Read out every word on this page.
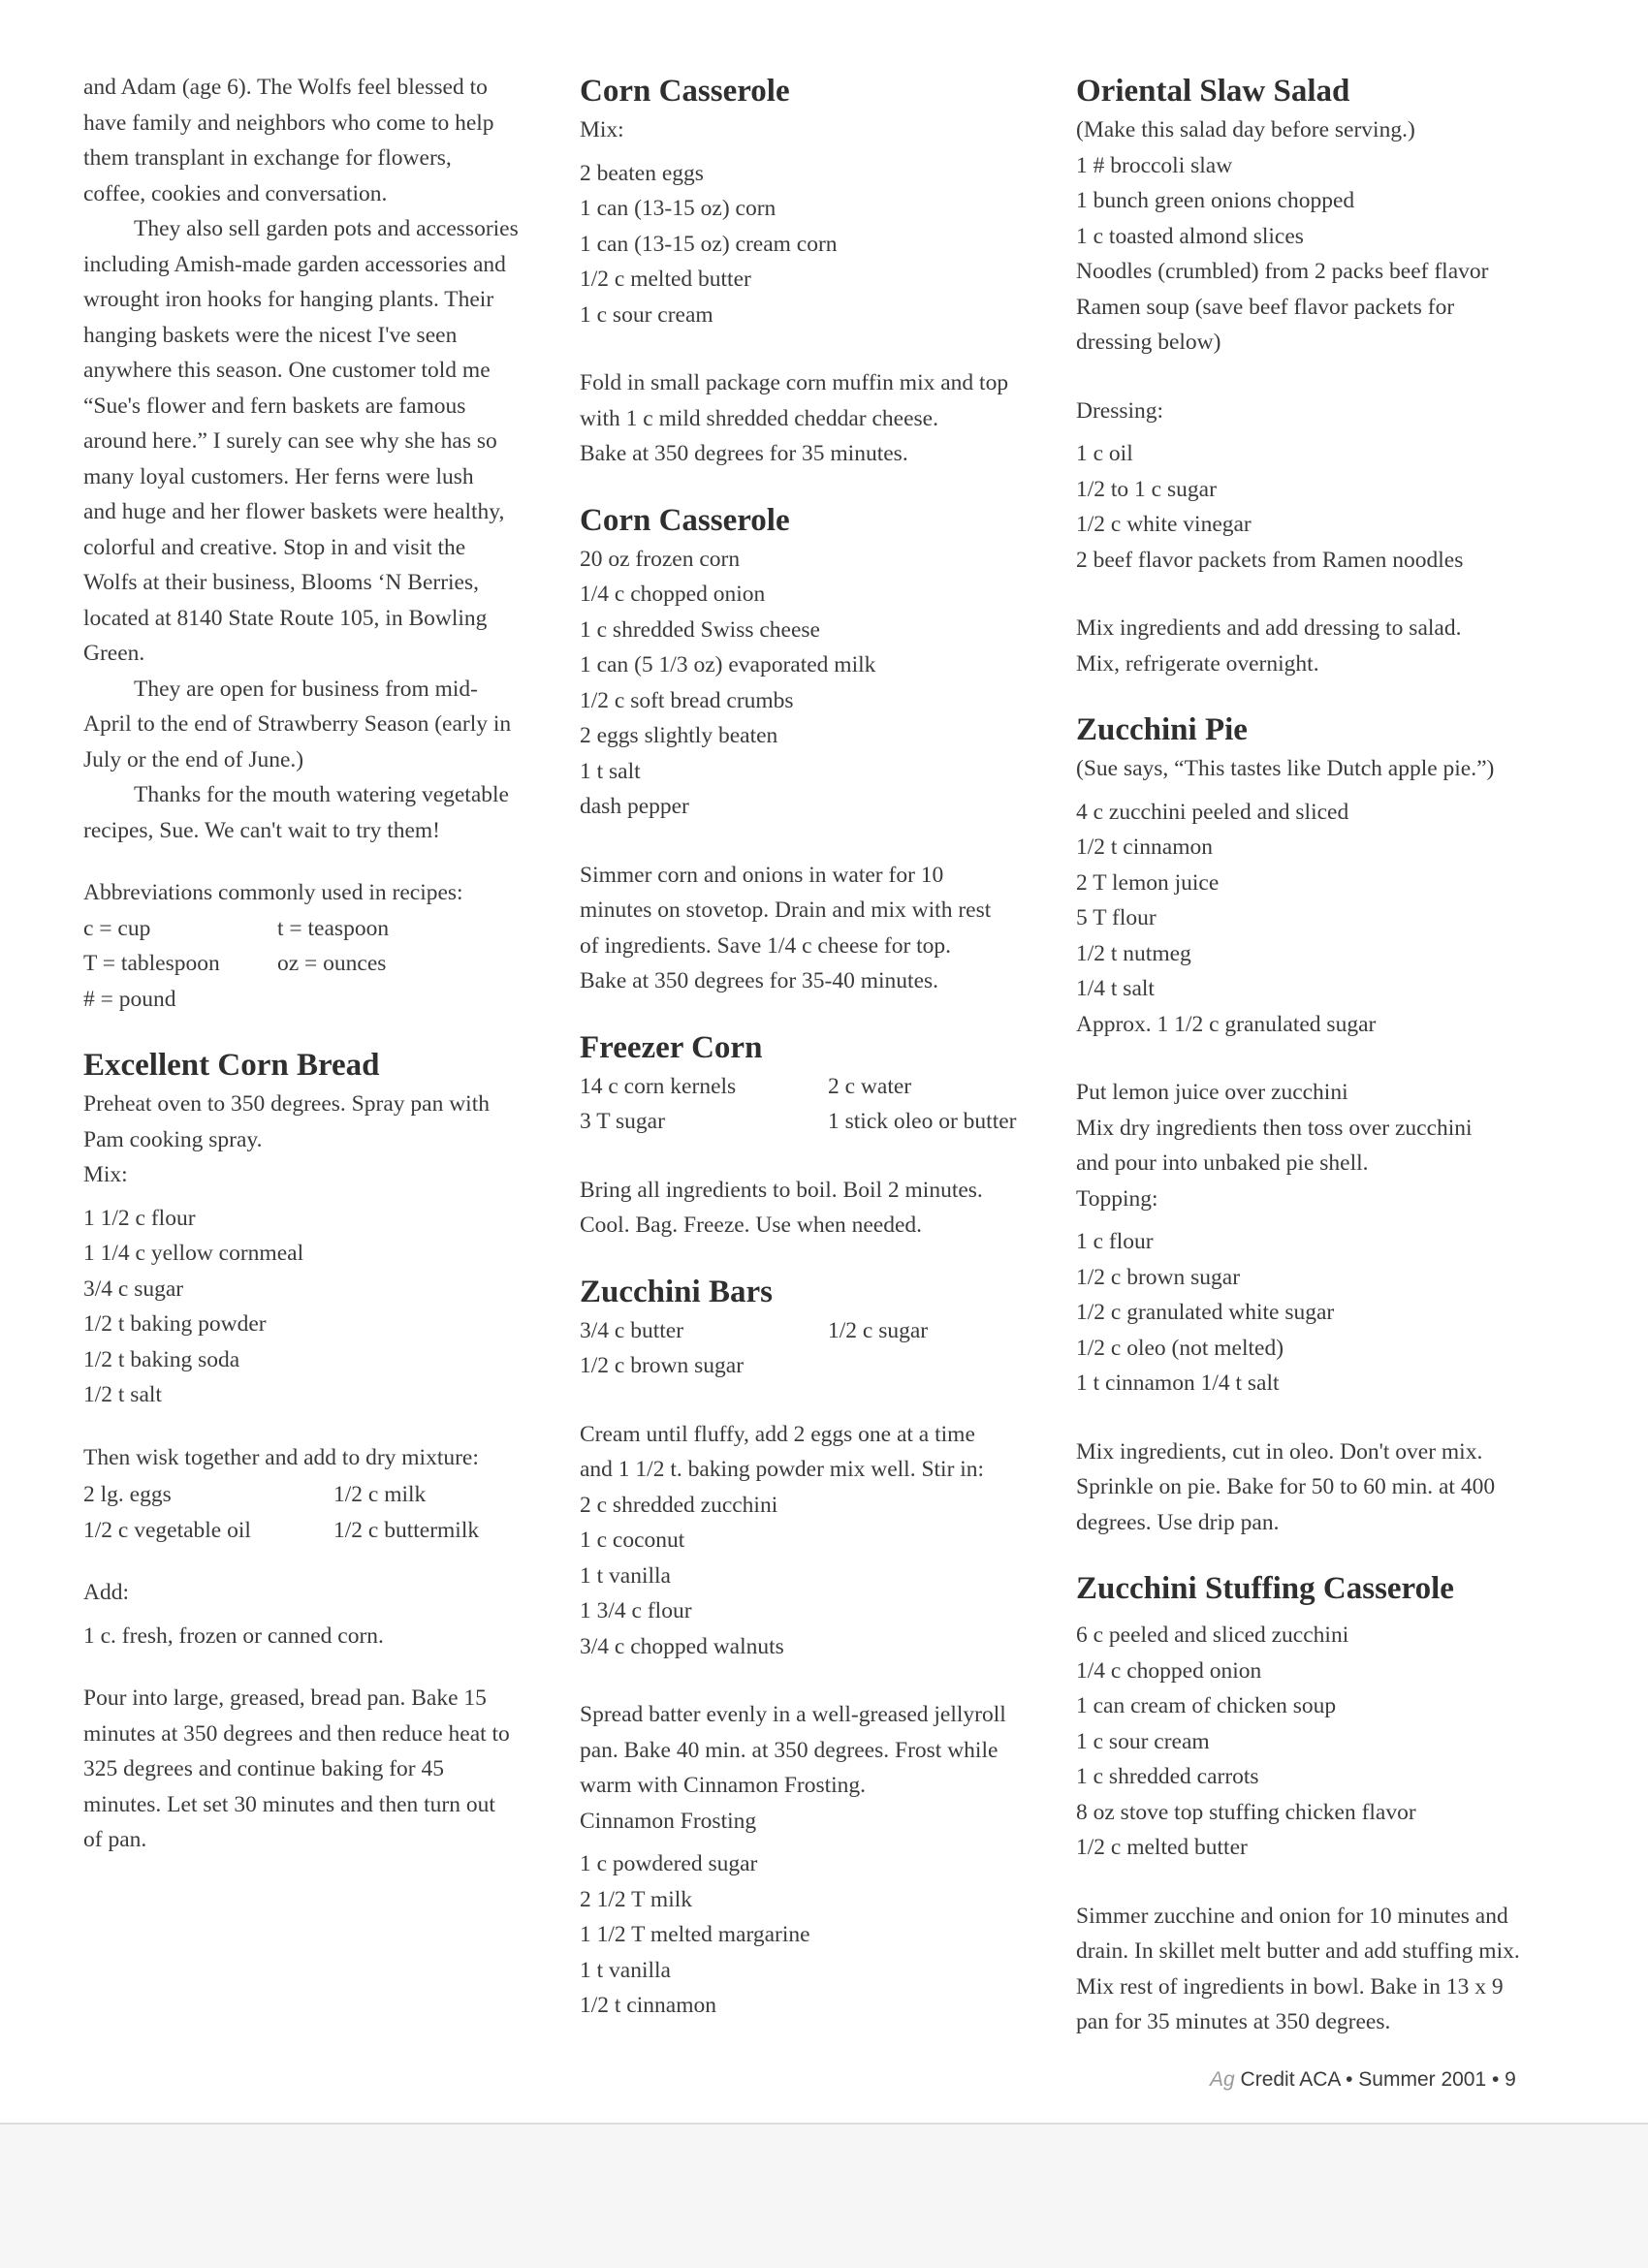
and Adam (age 6). The Wolfs feel blessed to

have family and neighbors who come to help

them transplant in exchange for flowers,

coffee, cookies and conversation.

They also sell garden pots and accessories

including Amish-made garden accessories and

wrought iron hooks for hanging plants. Their

hanging baskets were the nicest I've seen

anywhere this season. One customer told me

“Sue's flower and fern baskets are famous

around here.” I surely can see why she has so

many loyal customers. Her ferns were lush

and huge and her flower baskets were healthy,

colorful and creative. Stop in and visit the

Wolfs at their business, Blooms ‘N Berries,

located at 8140 State Route 105, in Bowling

Green.

They are open for business from mid-

April to the end of Strawberry Season (early in

July or the end of June.)

Thanks for the mouth watering vegetable

recipes, Sue. We can't wait to try them!

Abbreviations commonly used in recipes:

c = cup	t = teaspoon
T = tablespoon	oz = ounces
# = pound
Excellent Corn Bread

Preheat oven to 350 degrees. Spray pan with

Pam cooking spray.

Mix:

1 1/2 c flour

1 1/4 c yellow cornmeal

3/4 c sugar

1/2 t baking powder

1/2 t baking soda

1/2 t salt

Then wisk together and add to dry mixture:

2 lg. eggs	1/2 c milk
1/2 c vegetable oil	1/2 c buttermilk

Add:

1 c. fresh, frozen or canned corn.

Pour into large, greased, bread pan. Bake 15

minutes at 350 degrees and then reduce heat to

325 degrees and continue baking for 45

minutes. Let set 30 minutes and then turn out

of pan.

Corn Casserole

Mix:

2 beaten eggs

1 can (13-15 oz) corn

1 can (13-15 oz) cream corn

1/2 c melted butter

1 c sour cream

Fold in small package corn muffin mix and top

with 1 c mild shredded cheddar cheese.

Bake at 350 degrees for 35 minutes.

Corn Casserole

20 oz frozen corn

1/4 c chopped onion

1 c shredded Swiss cheese

1 can (5 1/3 oz) evaporated milk

1/2 c soft bread crumbs

2 eggs slightly beaten

1 t salt

dash pepper

Simmer corn and onions in water for 10

minutes on stovetop. Drain and mix with rest

of ingredients. Save 1/4 c cheese for top.

Bake at 350 degrees for 35-40 minutes.

Freezer Corn
14 c corn kernels	2 c water
3 T sugar	1 stick oleo or butter

Bring all ingredients to boil. Boil 2 minutes.

Cool. Bag. Freeze. Use when needed.

Zucchini Bars
3/4 c butter	1/2 c sugar
1/2 c brown sugar

Cream until fluffy, add 2 eggs one at a time

and 1 1/2 t. baking powder mix well. Stir in:

2 c shredded zucchini

1 c coconut

1 t vanilla

1 3/4 c flour

3/4 c chopped walnuts

Spread batter evenly in a well-greased jellyroll

pan. Bake 40 min. at 350 degrees. Frost while

warm with Cinnamon Frosting.

Cinnamon Frosting

1 c powdered sugar

2 1/2 T milk

1 1/2 T melted margarine

1 t vanilla

1/2 t cinnamon

Oriental Slaw Salad

(Make this salad day before serving.)

1 # broccoli slaw

1 bunch green onions chopped

1 c toasted almond slices

Noodles (crumbled) from 2 packs beef flavor

Ramen soup (save beef flavor packets for

dressing below)

Dressing:

1 c oil

1/2 to 1 c sugar

1/2 c white vinegar

2 beef flavor packets from Ramen noodles

Mix ingredients and add dressing to salad.

Mix, refrigerate overnight.

Zucchini Pie

(Sue says, “This tastes like Dutch apple pie.”)

4 c zucchini peeled and sliced

1/2 t cinnamon

2 T lemon juice

5 T flour

1/2 t nutmeg

1/4 t salt

Approx. 1 1/2 c granulated sugar

Put lemon juice over zucchini

Mix dry ingredients then toss over zucchini

and pour into unbaked pie shell.

Topping:

1 c flour

1/2 c brown sugar

1/2 c granulated white sugar

1/2 c oleo (not melted)

1 t cinnamon 1/4 t salt

Mix ingredients, cut in oleo. Don't over mix.

Sprinkle on pie. Bake for 50 to 60 min. at 400

degrees. Use drip pan.

Zucchini Stuffing Casserole

6 c peeled and sliced zucchini

1/4 c chopped onion

1 can cream of chicken soup

1 c sour cream

1 c shredded carrots

8 oz stove top stuffing chicken flavor

1/2 c melted butter

Simmer zucchine and onion for 10 minutes and

drain. In skillet melt butter and add stuffing mix.

Mix rest of ingredients in bowl. Bake in 13 x 9

pan for 35 minutes at 350 degrees.

Ag Credit ACA • Summer 2001 • 9
